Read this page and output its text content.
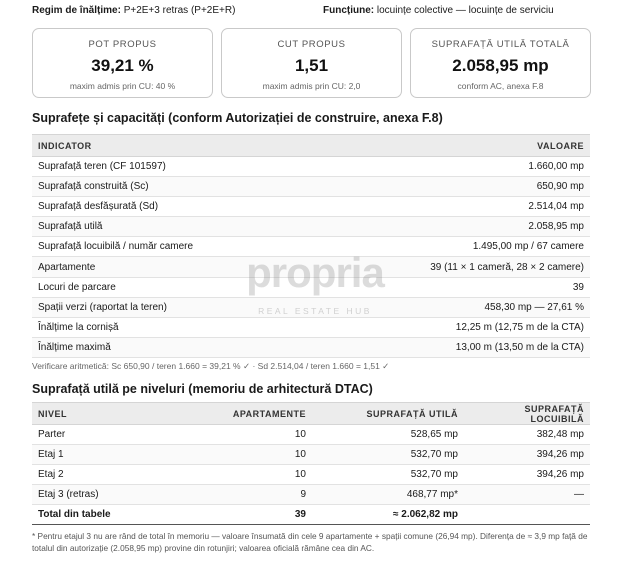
Regim de înălțime: P+2E+3 retras (P+2E+R)	Funcțiune: locuințe colective — locuințe de serviciu
POT PROPUS
39,21 %
maxim admis prin CU: 40 %
CUT PROPUS
1,51
maxim admis prin CU: 2,0
SUPRAFAȚĂ UTILĂ TOTALĂ
2.058,95 mp
conform AC, anexa F.8
Suprafețe și capacități (conform Autorizației de construire, anexa F.8)
INDICATOR	VALOARE
Suprafață teren (CF 101597)	1.660,00 mp
Suprafață construită (Sc)	650,90 mp
Suprafață desfășurată (Sd)	2.514,04 mp
Suprafață utilă	2.058,95 mp
Suprafață locuibilă / număr camere	1.495,00 mp / 67 camere
Apartamente	39 (11 × 1 cameră, 28 × 2 camere)
Locuri de parcare	39
Spații verzi (raportat la teren)	458,30 mp — 27,61 %
Înălțime la cornișă	12,25 m (12,75 m de la CTA)
Înălțime maximă	13,00 m (13,50 m de la CTA)
Verificare aritmetică: Sc 650,90 / teren 1.660 = 39,21 % ✓ · Sd 2.514,04 / teren 1.660 = 1,51 ✓
Suprafață utilă pe niveluri (memoriu de arhitectură DTAC)
NIVEL	APARTAMENTE	SUPRAFAȚĂ UTILĂ	SUPRAFAȚĂ LOCUIBILĂ
Parter	10	528,65 mp	382,48 mp
Etaj 1	10	532,70 mp	394,26 mp
Etaj 2	10	532,70 mp	394,26 mp
Etaj 3 (retras)	9	468,77 mp*	—
Total din tabele	39	≈ 2.062,82 mp	
* Pentru etajul 3 nu are rând de total în memoriu — valoare însumată din cele 9 apartamente + spații comune (26,94 mp). Diferența de ≈ 3,9 mp față de totalul din autorizație (2.058,95 mp) provine din rotunjiri; valoarea oficială rămâne cea din AC.
propria
REAL ESTATE HUB
